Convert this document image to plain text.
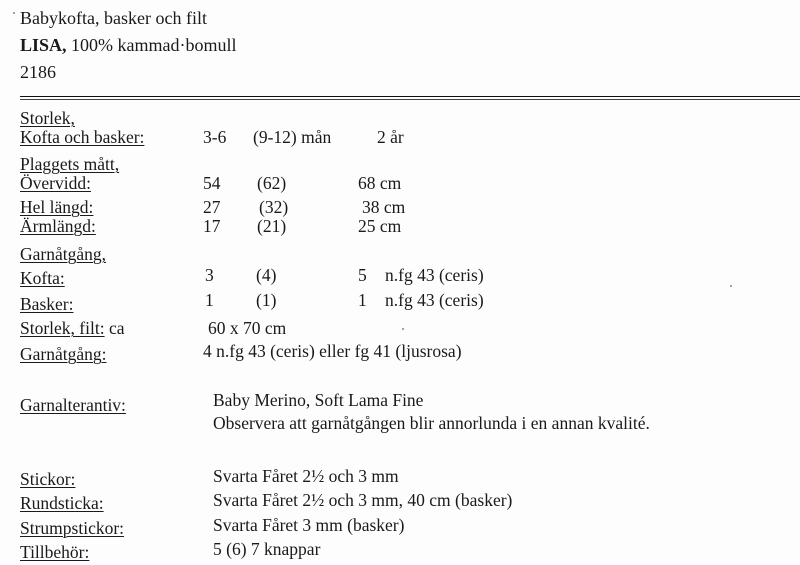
Babykofta, basker och filt
LISA, 100% kammad·bomull
2186
Storlek,
Kofta och basker:	3-6 (9-12) mån	2 år
Plaggets mått,
Övervidd:	54 (62)	68 cm
Hel längd:	27 (32)	38 cm
Ärmlängd:	17 (21)	25 cm
Garnåtgång,
Kofta:	3 (4)	5 n.fg 43 (ceris)
Basker:	1 (1)	1 n.fg 43 (ceris)
Storlek, filt: ca	60 x 70 cm
Garnåtgång:	4 n.fg 43 (ceris) eller fg 41 (ljusrosa)
Garnalterantiv:	Baby Merino, Soft Lama Fine
Observera att garnåtgången blir annorlunda i en annan kvalité.
Stickor:	Svarta Fåret 2½ och 3 mm
Rundsticka:	Svarta Fåret 2½ och 3 mm, 40 cm (basker)
Strumpstickor:	Svarta Fåret 3 mm (basker)
Tillbehör:	5 (6) 7 knappar
